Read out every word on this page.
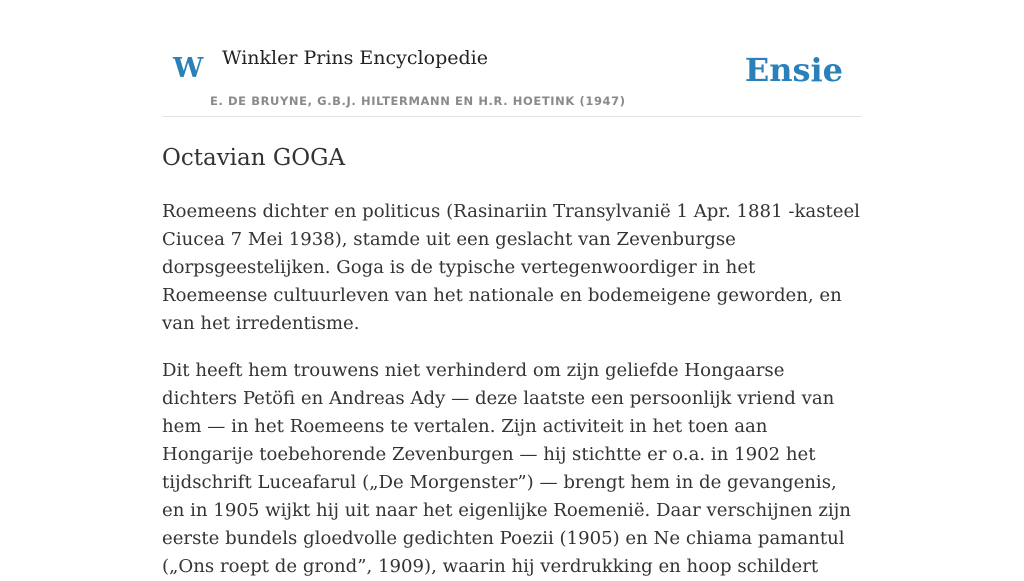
W Winkler Prins Encyclopedie
E. DE BRUYNE, G.B.J. HILTERMANN EN H.R. HOETINK (1947)
Ensie
Octavian GOGA

Roemeens dichter en politicus (Rasinariin Transylvanië 1 Apr. 1881 -kasteel Ciucea 7 Mei 1938), stamde uit een geslacht van Zevenburgse dorpsgeestelijken. Goga is de typische vertegenwoordiger in het Roemeense cultuurleven van het nationale en bodemeigene geworden, en van het irredentisme.

Dit heeft hem trouwens niet verhinderd om zijn geliefde Hongaarse dichters Petöfi en Andreas Ady — deze laatste een persoonlijk vriend van hem — in het Roemeens te vertalen. Zijn activiteit in het toen aan Hongarije toebehorende Zevenburgen — hij stichtte er o.a. in 1902 het tijdschrift Luceafarul („De Morgenster”) — brengt hem in de gevangenis, en in 1905 wijkt hij uit naar het eigenlijke Roemenië. Daar verschijnen zijn eerste bundels gloedvolle gedichten Poezii (1905) en Ne chiama pamantul („Ons roept de grond”, 1909), waarin hij verdrukking en hoop schildert
